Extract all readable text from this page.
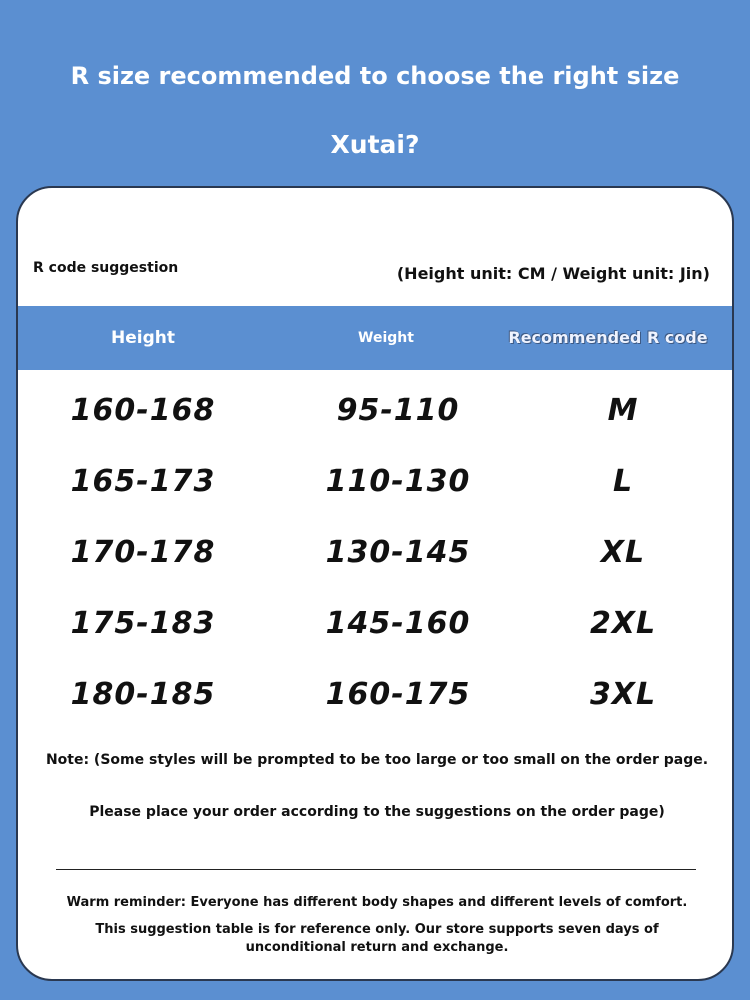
R size recommended to choose the right size
Xutai?
R code suggestion	(Height unit: CM / Weight unit: Jin)
Height	Weight	Recommended R code
160-168	95-110	M
165-173	110-130	L
170-178	130-145	XL
175-183	145-160	2XL
180-185	160-175	3XL
Note: (Some styles will be prompted to be too large or too small on the order page.
Please place your order according to the suggestions on the order page)
Warm reminder: Everyone has different body shapes and different levels of comfort.
This suggestion table is for reference only. Our store supports seven days of
unconditional return and exchange.
